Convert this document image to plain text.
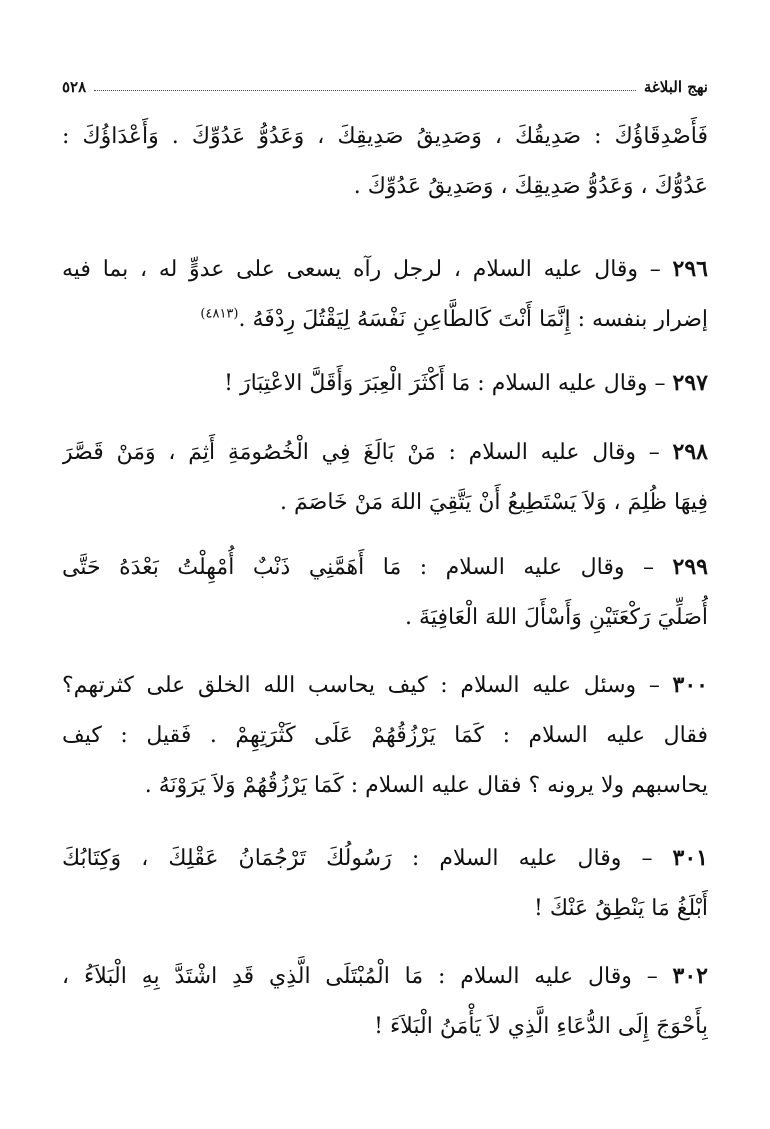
نهج البلاغة
٥٢٨
فَأَصْدِقَاؤُكَ : صَدِيقُكَ ، وَصَدِيقُ صَدِيقِكَ ، وَعَدُوُّ عَدُوِّكَ . وَأَعْدَاؤُكَ :
عَدُوُّكَ ، وَعَدُوُّ صَدِيقِكَ ، وَصَدِيقُ عَدُوِّكَ .
٢٩٦ – وقال عليه السلام ، لرجل رآه يسعى على عدوٍّ له ، بما فيه
إضرار بنفسه : إِنَّمَا أَنْتَ كَالطَّاعِنِ نَفْسَهُ لِيَقْتُلَ رِدْفَهُ .$^{(٤٨١٣)}$
٢٩٧ – وقال عليه السلام : مَا أَكْثَرَ الْعِبَرَ وَأَقَلَّ الاعْتِبَارَ !
٢٩٨ – وقال عليه السلام : مَنْ بَالَغَ فِي الْخُصُومَةِ أَثِمَ ، وَمَنْ قَصَّرَ
فِيهَا ظُلِمَ ، وَلاَ يَسْتَطِيعُ أَنْ يَتَّقِيَ اللهَ مَنْ خَاصَمَ .
٢٩٩ – وقال عليه السلام : مَا أَهَمَّنِي ذَنْبٌ أُمْهِلْتُ بَعْدَهُ حَتَّى
أُصَلِّيَ رَكْعَتَيْنِ وَأَسْأَلَ اللهَ الْعَافِيَةَ .
٣٠٠ – وسئل عليه السلام : كيف يحاسب الله الخلق على كثرتهم؟
فقال عليه السلام : كَمَا يَرْزُقُهُمْ عَلَى كَثْرَتِهِمْ . فَقيل : كيف
يحاسبهم ولا يرونه ؟ فقال عليه السلام : كَمَا يَرْزُقُهُمْ وَلاَ يَرَوْنَهُ .
٣٠١ – وقال عليه السلام : رَسُولُكَ تَرْجُمَانُ عَقْلِكَ ، وَكِتَابُكَ
أَبْلَغُ مَا يَنْطِقُ عَنْكَ !
٣٠٢ – وقال عليه السلام : مَا الْمُبْتَلَى الَّذِي قَدِ اشْتَدَّ بِهِ الْبَلاَءُ ،
بِأَحْوَجَ إِلَى الدُّعَاءِ الَّذِي لاَ يَأْمَنُ الْبَلاَءَ !
